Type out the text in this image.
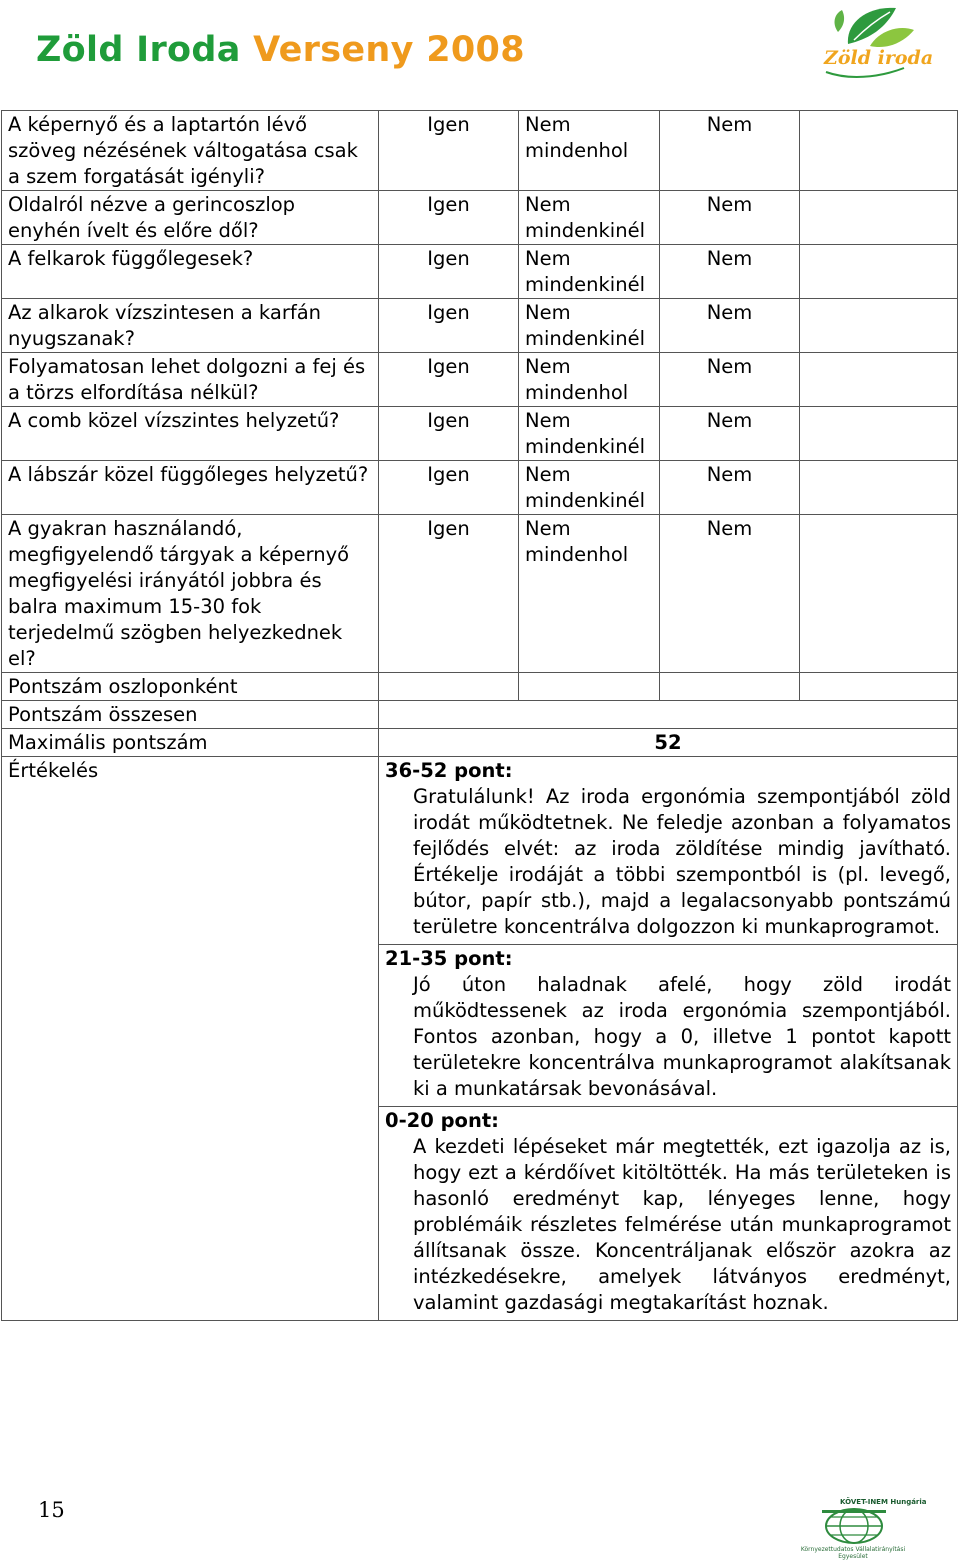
Zöld Iroda Verseny 2008	Zöld iroda
A képernyő és a laptartón lévő szöveg nézésének váltogatása csak a szem forgatását igényli?	Igen	Nem mindenhol	Nem	
Oldalról nézve a gerincoszlop enyhén ívelt és előre dől?	Igen	Nem mindenkinél	Nem	
A felkarok függőlegesek?	Igen	Nem mindenkinél	Nem	
Az alkarok vízszintesen a karfán nyugszanak?	Igen	Nem mindenkinél	Nem	
Folyamatosan lehet dolgozni a fej és a törzs elfordítása nélkül?	Igen	Nem mindenhol	Nem	
A comb közel vízszintes helyzetű?	Igen	Nem mindenkinél	Nem	
A lábszár közel függőleges helyzetű?	Igen	Nem mindenkinél	Nem	
A gyakran használandó, megfigyelendő tárgyak a képernyő megfigyelési irányától jobbra és balra maximum 15-30 fok terjedelmű szögben helyezkednek el?	Igen	Nem mindenhol	Nem	
Pontszám oszloponként				
Pontszám összesen				
Maximális pontszám	52			
Értékelés	36-52 pont:
Gratulálunk! Az iroda ergonómia szempontjából zöld irodát működtetnek. Ne feledje azonban a folyamatos fejlődés elvét: az iroda zöldítése mindig javítható. Értékelje irodáját a többi szempontból is (pl. levegő, bútor, papír stb.), majd a legalacsonyabb pontszámú területre koncentrálva dolgozzon ki munkaprogramot.			

	21-35 pont:
Jó úton haladnak afelé, hogy zöld irodát működtessenek az iroda ergonómia szempontjából. Fontos azonban, hogy a 0, illetve 1 pontot kapott területekre koncentrálva munkaprogramot alakítsanak ki a munkatársak bevonásával.			

	0-20 pont:
A kezdeti lépéseket már megtették, ezt igazolja az is, hogy ezt a kérdőívet kitöltötték. Ha más területeken is hasonló eredményt kap, lényeges lenne, hogy problémáik részletes felmérése után munkaprogramot állítsanak össze. Koncentráljanak először azokra az intézkedésekre, amelyek látványos eredményt, valamint gazdasági megtakarítást hoznak.			
15	KÖVET-INEM Hungária
Környezettudatos Vállalatirányítási Egyesület
